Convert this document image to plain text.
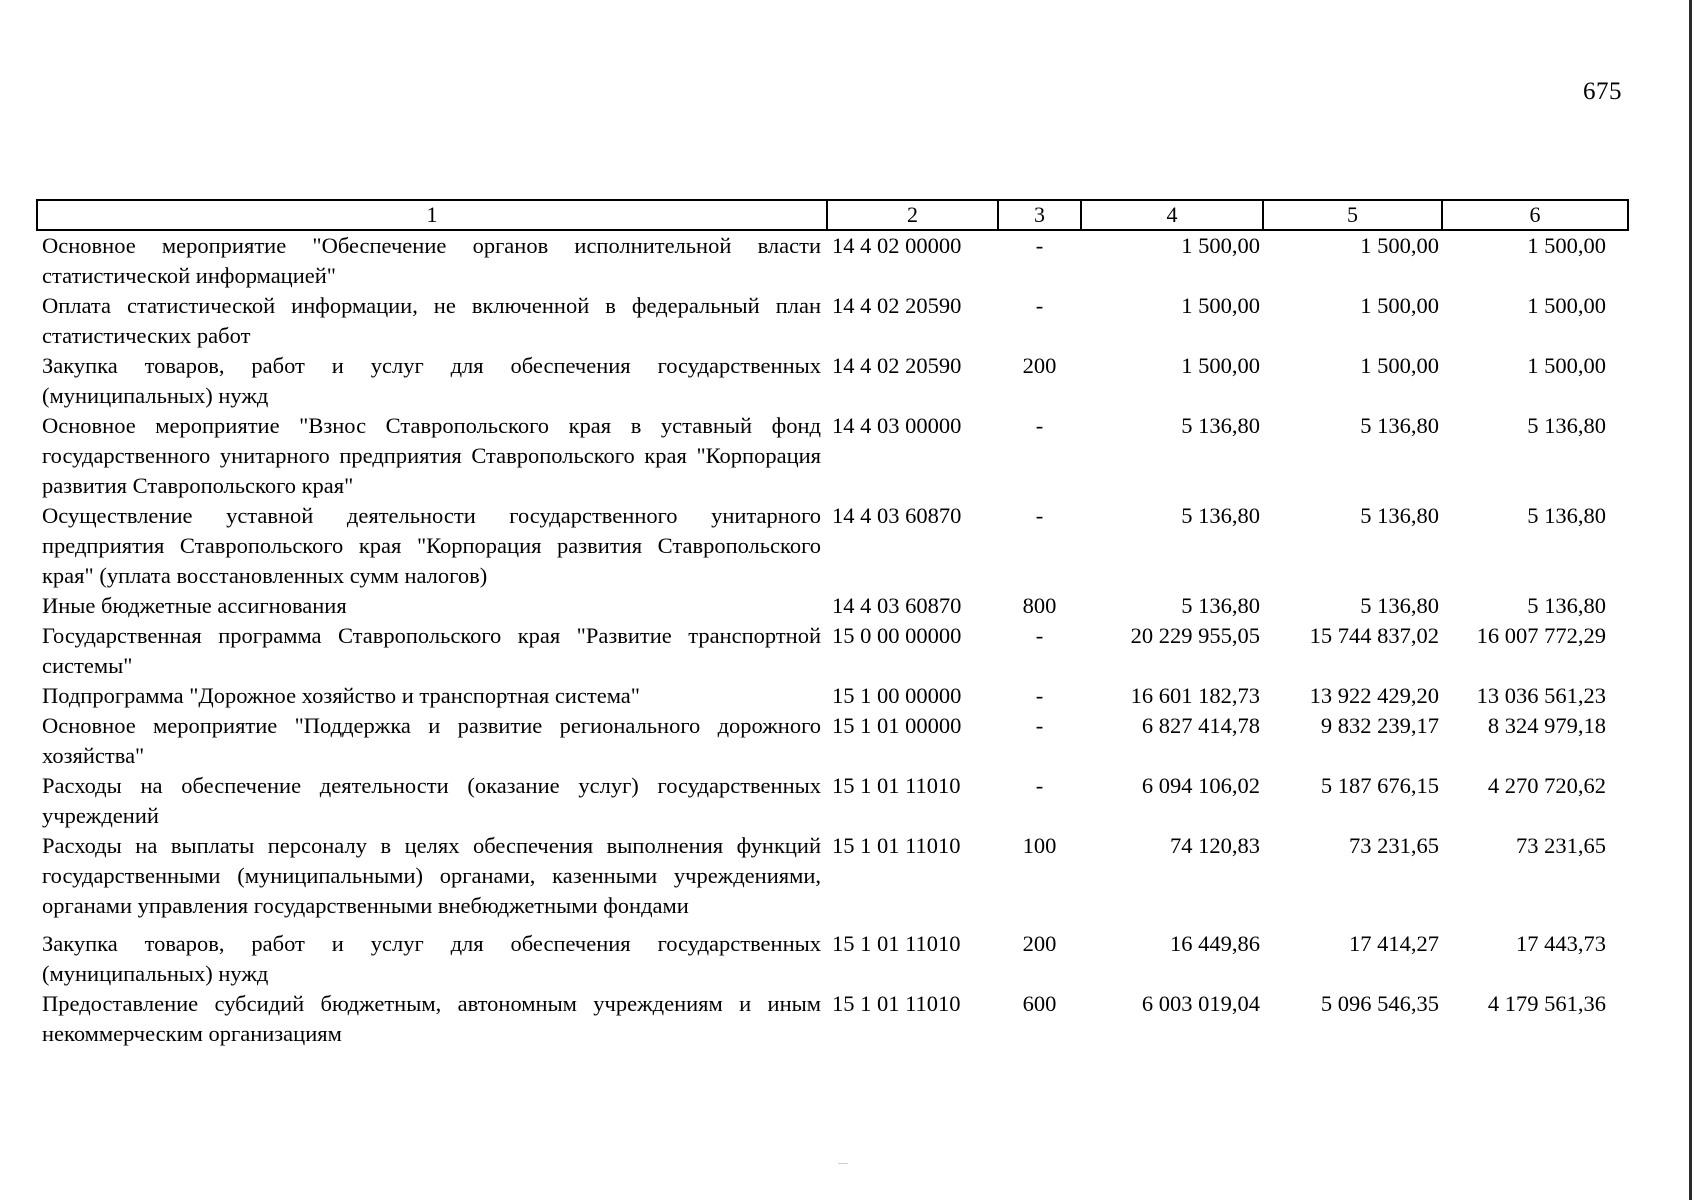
675
1	2	3	4	5	6
Основное мероприятие "Обеспечение органов исполнительной власти статистической информацией"	14 4 02 00000	-	1 500,00	1 500,00	1 500,00
Оплата статистической информации, не включенной в федеральный план статистических работ	14 4 02 20590	-	1 500,00	1 500,00	1 500,00
Закупка товаров, работ и услуг для обеспечения государственных (муниципальных) нужд	14 4 02 20590	200	1 500,00	1 500,00	1 500,00
Основное мероприятие "Взнос Ставропольского края в уставный фонд государственного унитарного предприятия Ставропольского края "Корпорация развития Ставропольского края"	14 4 03 00000	-	5 136,80	5 136,80	5 136,80
Осуществление уставной деятельности государственного унитарного предприятия Ставропольского края "Корпорация развития Ставропольского края" (уплата восстановленных сумм налогов)	14 4 03 60870	-	5 136,80	5 136,80	5 136,80
Иные бюджетные ассигнования	14 4 03 60870	800	5 136,80	5 136,80	5 136,80
Государственная программа Ставропольского края "Развитие транспортной системы"	15 0 00 00000	-	20 229 955,05	15 744 837,02	16 007 772,29
Подпрограмма "Дорожное хозяйство и транспортная система"	15 1 00 00000	-	16 601 182,73	13 922 429,20	13 036 561,23
Основное мероприятие "Поддержка и развитие регионального дорожного хозяйства"	15 1 01 00000	-	6 827 414,78	9 832 239,17	8 324 979,18
Расходы на обеспечение деятельности (оказание услуг) государственных учреждений	15 1 01 11010	-	6 094 106,02	5 187 676,15	4 270 720,62
Расходы на выплаты персоналу в целях обеспечения выполнения функций государственными (муниципальными) органами, казенными учреждениями, органами управления государственными внебюджетными фондами	15 1 01 11010	100	74 120,83	73 231,65	73 231,65
Закупка товаров, работ и услуг для обеспечения государственных (муниципальных) нужд	15 1 01 11010	200	16 449,86	17 414,27	17 443,73
Предоставление субсидий бюджетным, автономным учреждениям и иным некоммерческим организациям	15 1 01 11010	600	6 003 019,04	5 096 546,35	4 179 561,36
